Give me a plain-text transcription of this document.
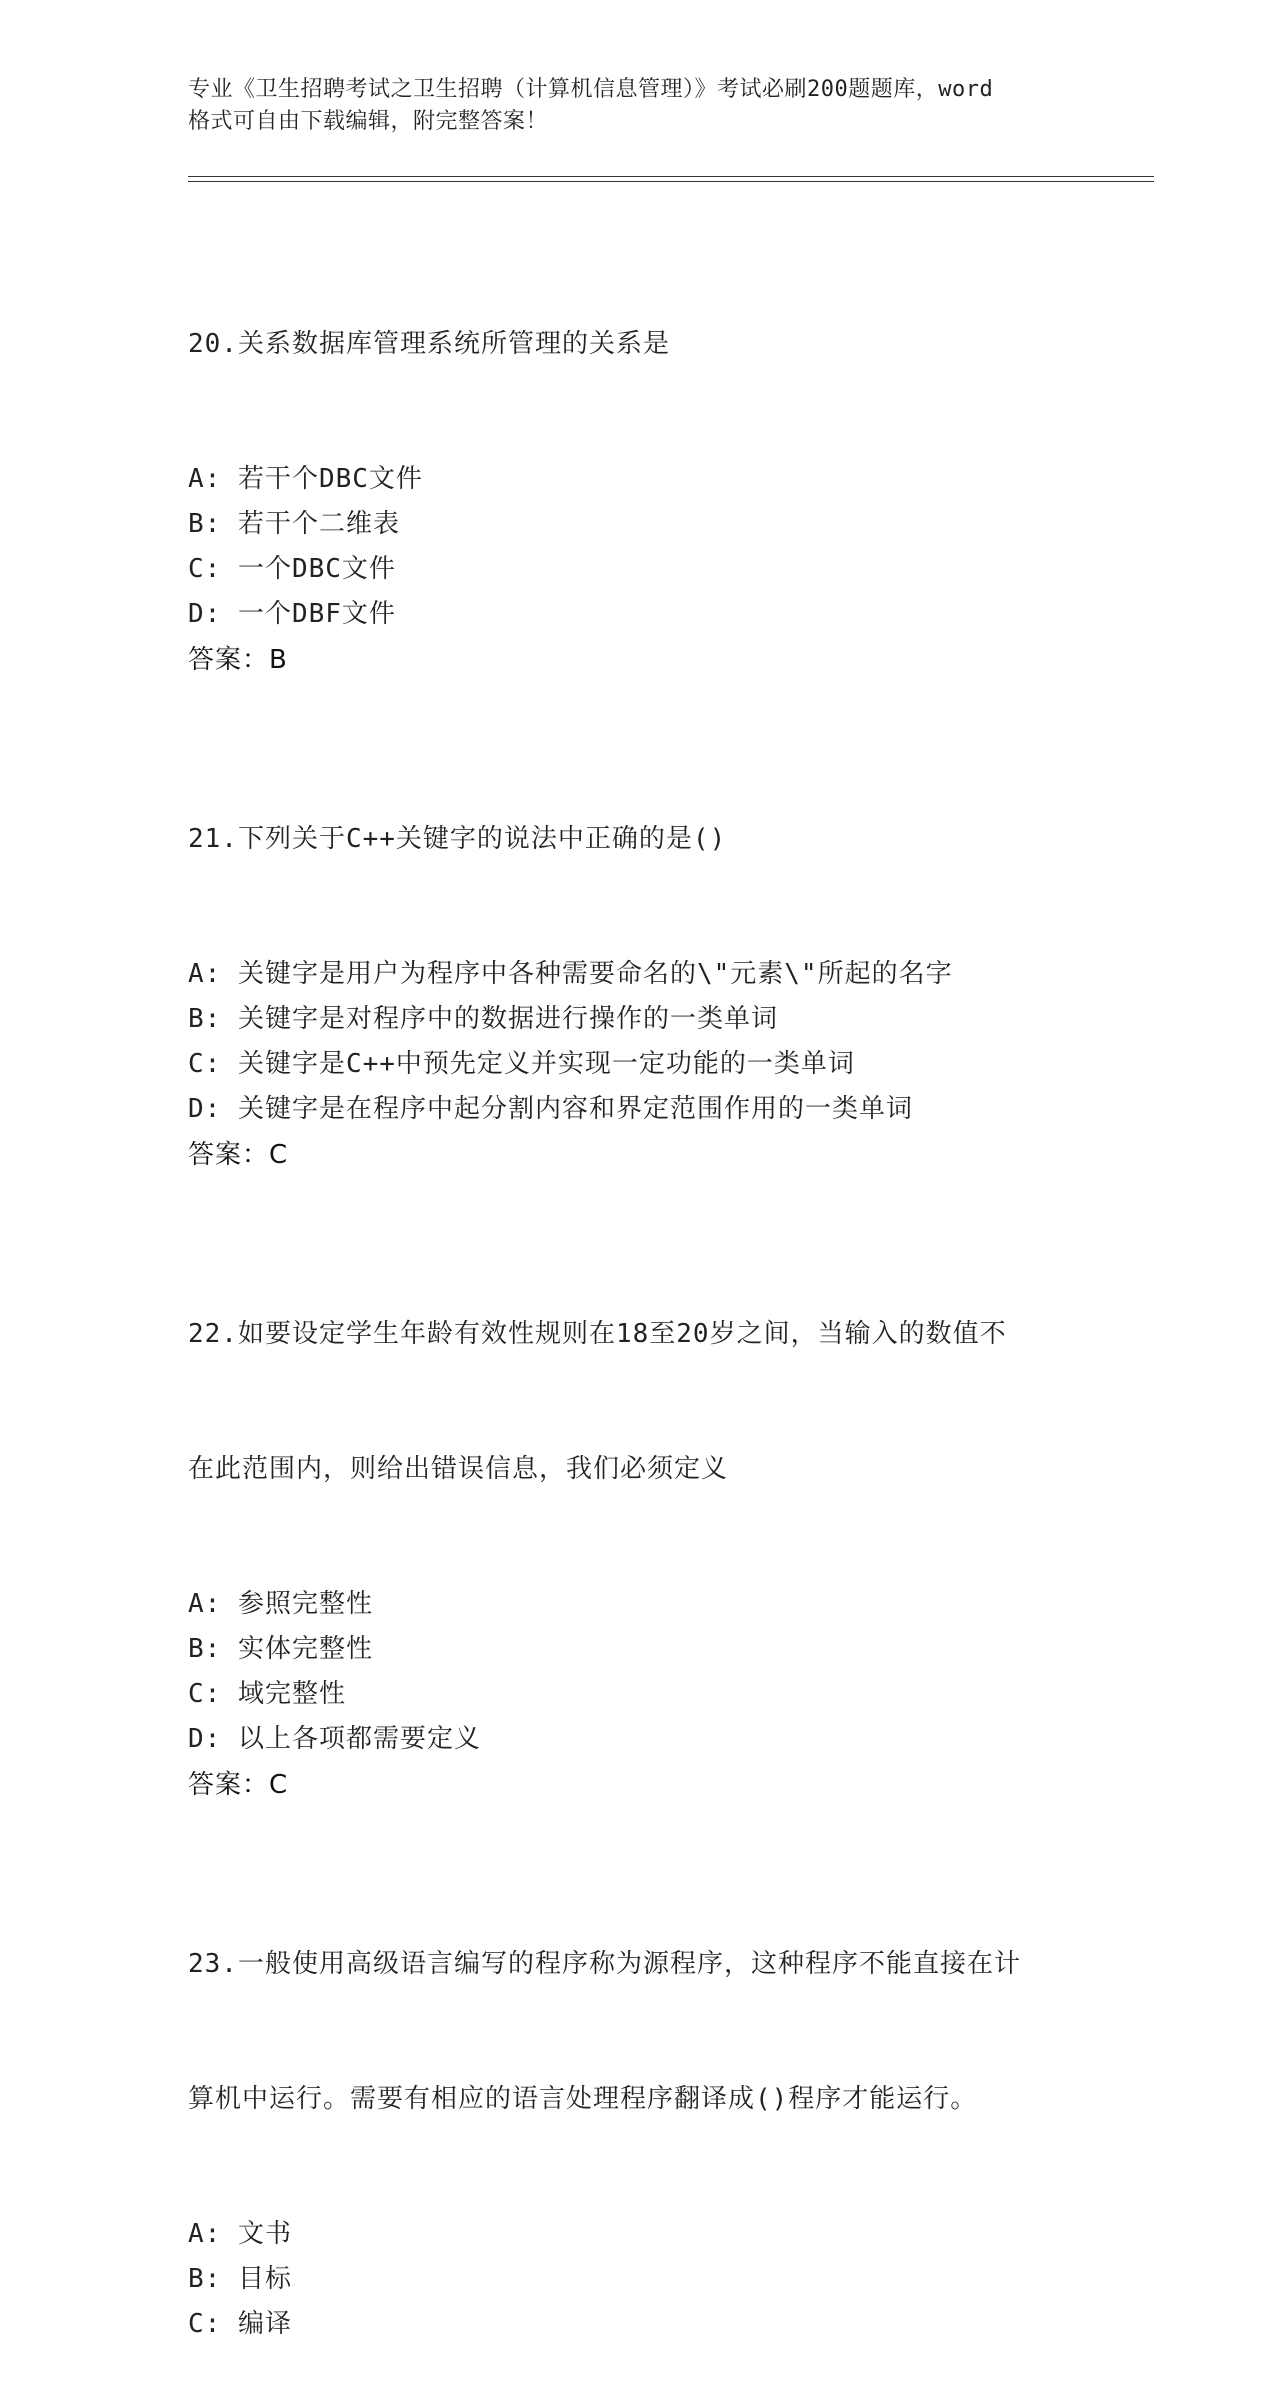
专业《卫生招聘考试之卫生招聘（计算机信息管理）》考试必刷200题题库，word
格式可自由下载编辑，附完整答案！

20.关系数据库管理系统所管理的关系是

A: 若干个DBC文件
B: 若干个二维表
C: 一个DBC文件
D: 一个DBF文件
答案：B

21.下列关于C++关键字的说法中正确的是()

A: 关键字是用户为程序中各种需要命名的\"元素\"所起的名字
B: 关键字是对程序中的数据进行操作的一类单词
C: 关键字是C++中预先定义并实现一定功能的一类单词
D: 关键字是在程序中起分割内容和界定范围作用的一类单词
答案：C

22.如要设定学生年龄有效性规则在18至20岁之间，当输入的数值不

在此范围内，则给出错误信息，我们必须定义

A: 参照完整性
B: 实体完整性
C: 域完整性
D: 以上各项都需要定义
答案：C

23.一般使用高级语言编写的程序称为源程序，这种程序不能直接在计

算机中运行。需要有相应的语言处理程序翻译成()程序才能运行。

A: 文书
B: 目标
C: 编译
